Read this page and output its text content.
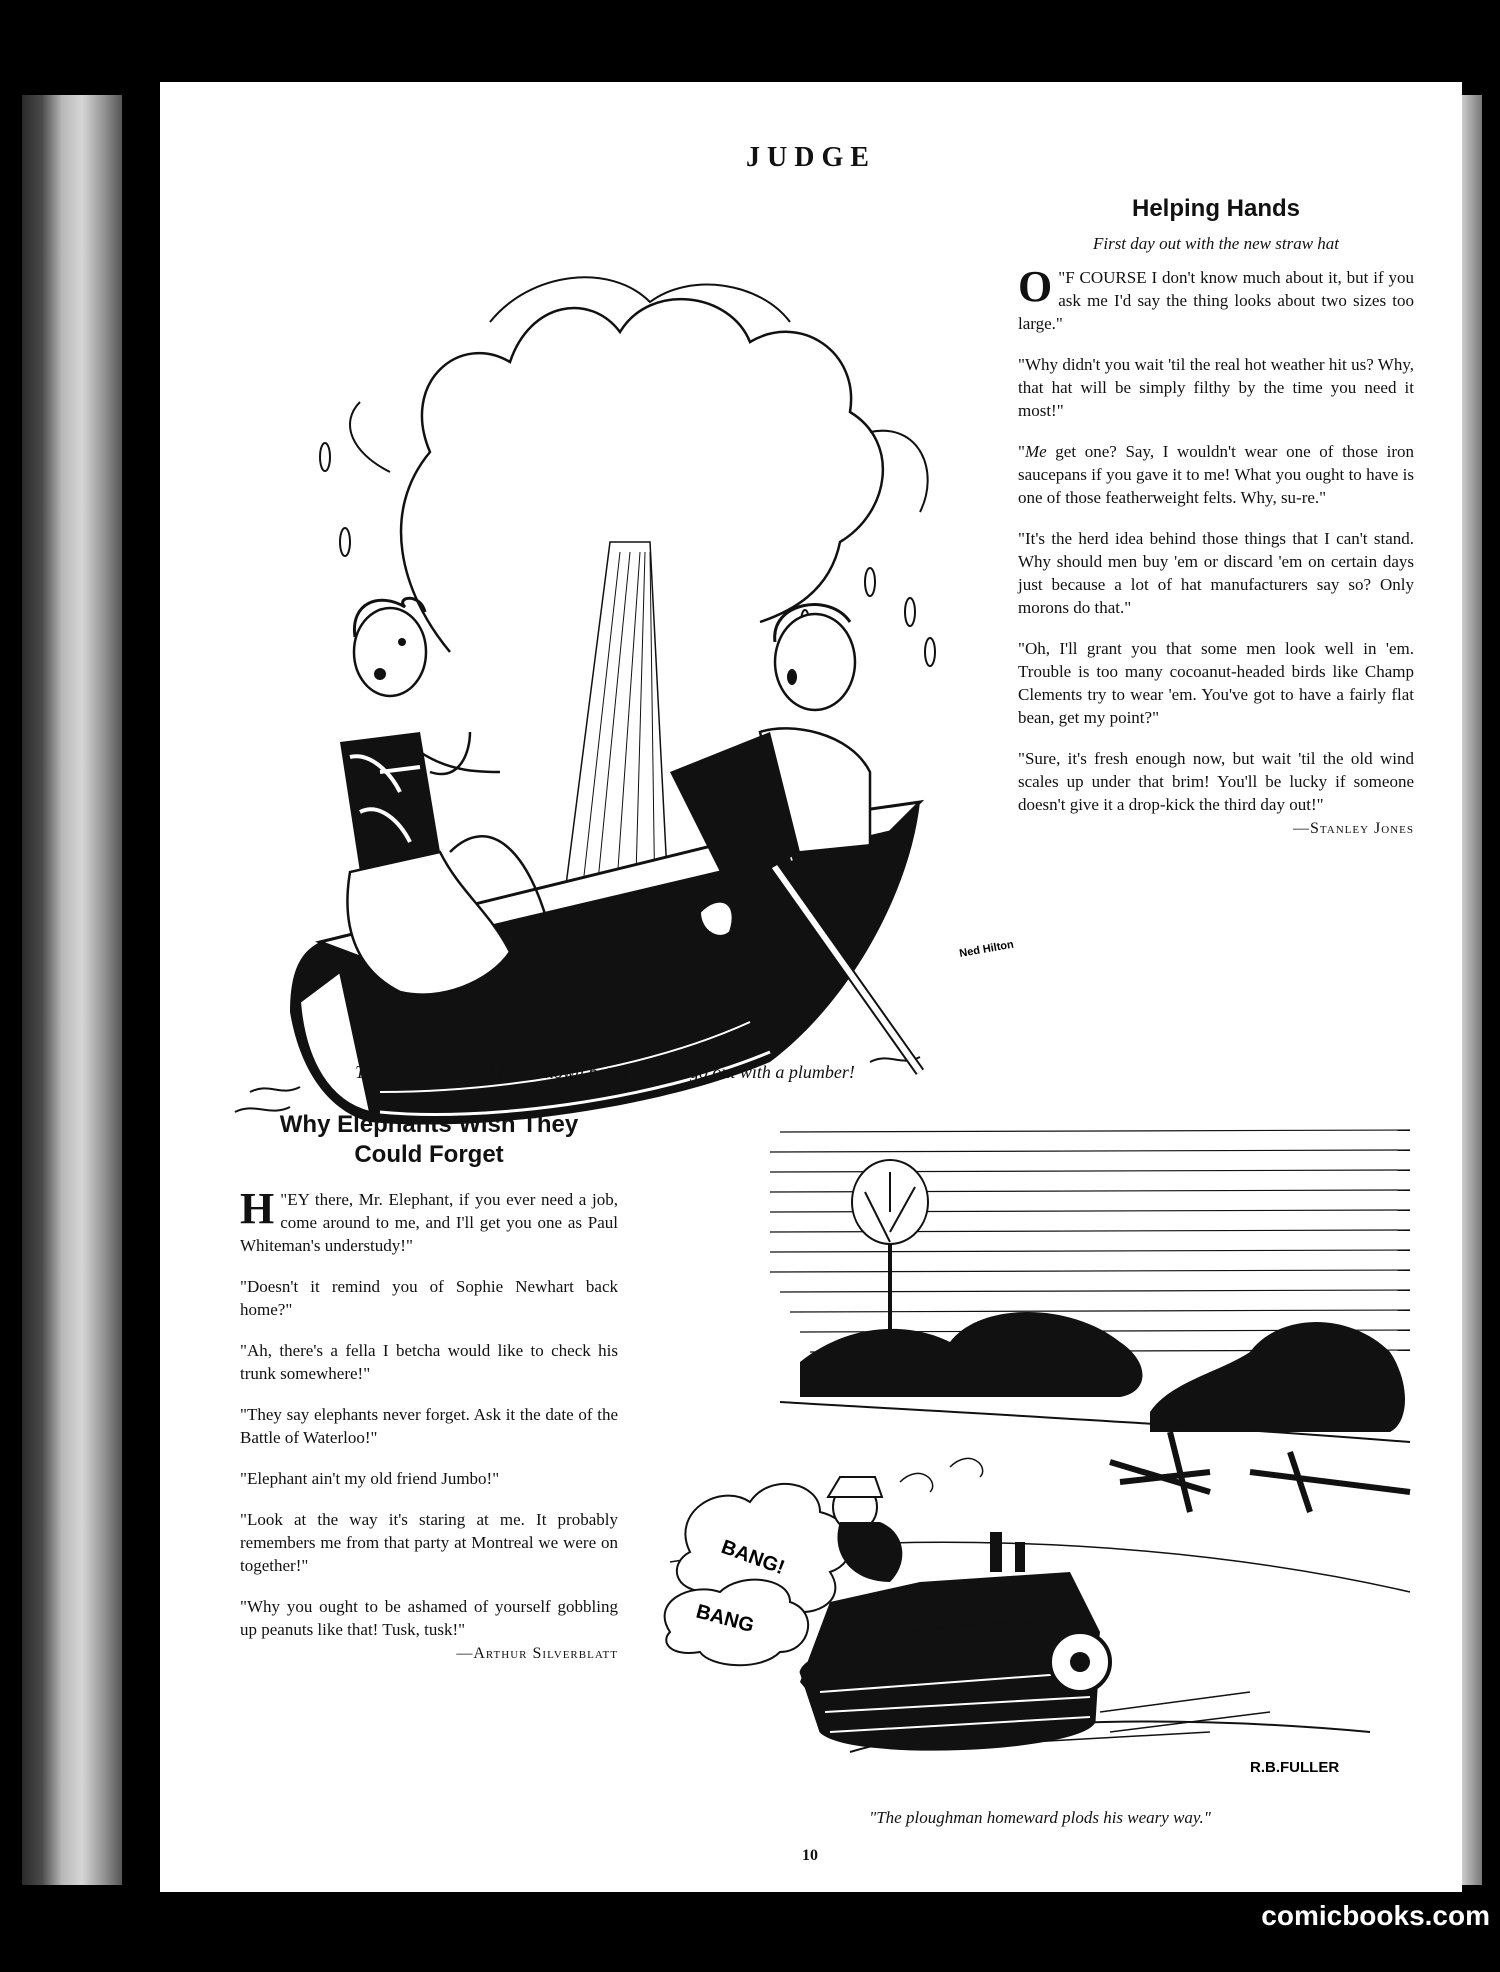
JUDGE
Ned Hilton
The Girl—I should have known better than to go out with a plumber!
Helping Hands
First day out with the new straw hat

"
O F COURSE I don't know much about it, but if you ask me I'd say the thing looks about two sizes too large."

"Why didn't you wait 'til the real hot weather hit us? Why, that hat will be simply filthy by the time you need it most!"

"Me get one? Say, I wouldn't wear one of those iron saucepans if you gave it to me! What you ought to have is one of those featherweight felts. Why, su-re."

"It's the herd idea behind those things that I can't stand. Why should men buy 'em or discard 'em on certain days just because a lot of hat manufacturers say so? Only morons do that."

"Oh, I'll grant you that some men look well in 'em. Trouble is too many cocoanut-headed birds like Champ Clements try to wear 'em. You've got to have a fairly flat bean, get my point?"

"Sure, it's fresh enough now, but wait 'til the old wind scales up under that brim! You'll be lucky if someone doesn't give it a drop-kick the third day out!"

—Stanley Jones
Why Elephants Wish They Could Forget

"
H EY there, Mr. Elephant, if you ever need a job, come around to me, and I'll get you one as Paul Whiteman's understudy!"

"Doesn't it remind you of Sophie Newhart back home?"

"Ah, there's a fella I betcha would like to check his trunk somewhere!"

"They say elephants never forget. Ask it the date of the Battle of Waterloo!"

"Elephant ain't my old friend Jumbo!"

"Look at the way it's staring at me. It probably remembers me from that party at Montreal we were on together!"

"Why you ought to be ashamed of yourself gobbling up peanuts like that! Tusk, tusk!"

—Arthur Silverblatt
BANG!
BANG
R.B.FULLER
"The ploughman homeward plods his weary way."
10
comicbooks.com
